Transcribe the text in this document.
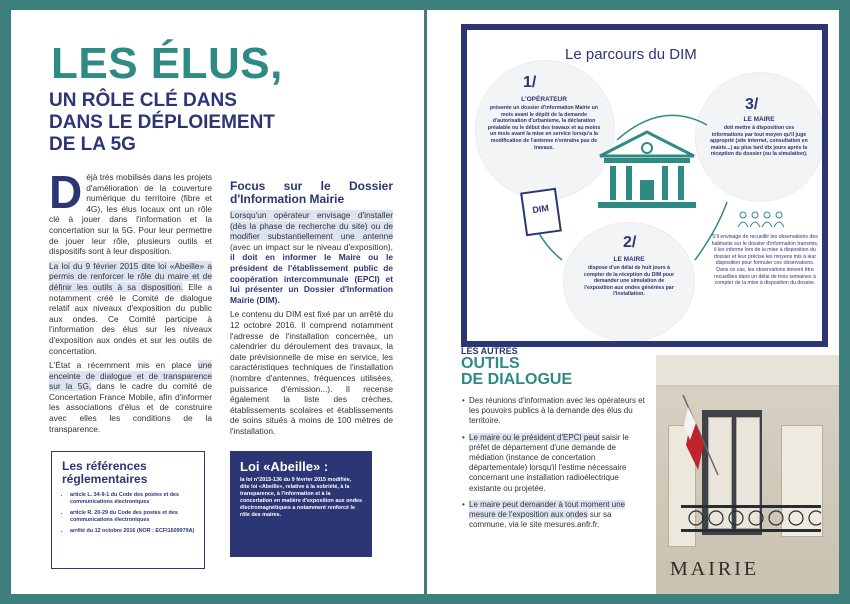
LES ÉLUS,
UN RÔLE CLÉ DANS
DANS LE DÉPLOIEMENT
DE LA 5G

Déjà très mobilisés dans les projets d'amélioration de la couverture numérique du territoire (fibre et 4G), les élus locaux ont un rôle clé à jouer dans l'information et la concertation sur la 5G. Pour leur permettre de jouer leur rôle, plusieurs outils et dispositifs sont à leur disposition.

La loi du 9 février 2015 dite loi «Abeille» a permis de renforcer le rôle du maire et de définir les outils à sa disposition. Elle a notamment créé le Comité de dialogue relatif aux niveaux d'exposition du public aux ondes. Ce Comité participe à l'information des élus sur les niveaux d'exposition aux ondes et sur les outils de concertation.

L'État a récemment mis en place une enceinte de dialogue et de transparence sur la 5G, dans le cadre du comité de Concertation France Mobile, afin d'informer les associations d'élus et de construire avec elles les conditions de la transparence.

Focus sur le Dossier d'Information Mairie

Lorsqu'un opérateur envisage d'installer (dès la phase de recherche du site) ou de modifier substantiellement une antenne (avec un impact sur le niveau d'exposition), il doit en informer le Maire ou le président de l'établissement public de coopération intercommunale (EPCI) et lui présenter un Dossier d'Information Mairie (DIM).

Le contenu du DIM est fixé par un arrêté du 12 octobre 2016. Il comprend notamment l'adresse de l'installation concernée, un calendrier du déroulement des travaux, la date prévisionnelle de mise en service, les caractéristiques techniques de l'installation (nombre d'antennes, fréquences utilisées, puissance d'émission...). Il recense également la liste des crèches, établissements scolaires et établissements de soins situés à moins de 100 mètres de l'installation.

Les références réglementaires
• article L. 34-9-1 du Code des postes et des communications électroniques
• article R. 20-29 du Code des postes et des communications électroniques
• arrêté du 12 octobre 2016 (NOR : ECFI1609979A)
Loi «Abeille» :
la loi n°2015-136 du 9 février 2015 modifiée, dite loi «Abeille», relative à la sobriété, à la transparence, à l'information et à la concertation en matière d'exposition aux ondes électromagnétiques a notamment renforcé le rôle des maires.
Le parcours du DIM
1/
L'OPÉRATEUR
présente un dossier d'information Mairie un mois avant le dépôt de la demande d'autorisation d'urbanisme, la déclaration préalable ou le début des travaux et au moins un mois avant la mise en service lorsqu'a la modification de l'antenne n'entraîne pas de travaux.
3/
LE MAIRE
doit mettre à disposition ces informations par tout moyen qu'il juge approprié (site internet, consultation en mairie...) au plus tard dix jours après la réception du dossier (ou la simulation).
2/
LE MAIRE
dispose d'un délai de huit jours à compter de la réception du DIM pour demander une simulation de l'exposition aux ondes générées par l'installation.
DIM
S'il envisage de recueillir les observations des habitants sur le dossier d'information transmis, il les informe lors de la mise à disposition du dossier et leur précise les moyens mis à leur disposition pour formuler ces observations. Dans ce cas, les observations doivent être recueillies dans un délai de trois semaines à compter de la mise à disposition du dossier.
LES AUTRES
OUTILS
DE DIALOGUE

• Des réunions d'information avec les opérateurs et les pouvoirs publics à la demande des élus du territoire.

• Le maire ou le président d'EPCI peut saisir le préfet de département d'une demande de médiation (instance de concertation départementale) lorsqu'il l'estime nécessaire concernant une installation radioélectrique existante ou projetée.

• Le maire peut demander à tout moment une mesure de l'exposition aux ondes sur sa commune, via le site mesures.anfr.fr.

MAIRIE
